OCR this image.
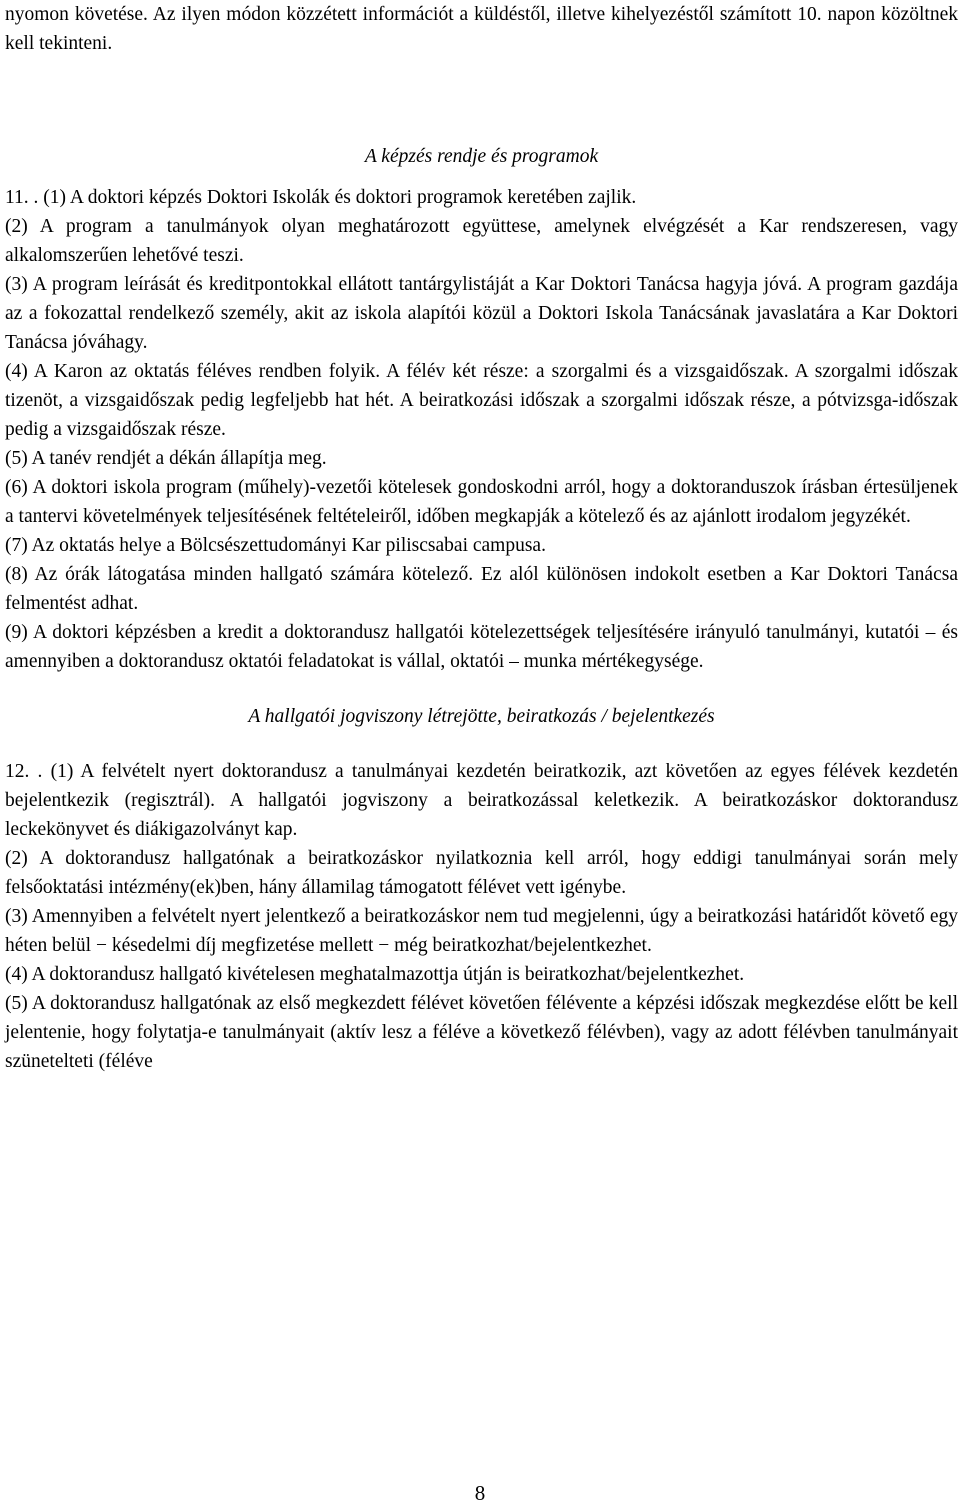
nyomon követése. Az ilyen módon közzétett információt a küldéstől, illetve kihelyezéstől számított 10. napon közöltnek kell tekinteni.

A képzés rendje és programok

11. . (1) A doktori képzés Doktori Iskolák és doktori programok keretében zajlik.

(2) A program a tanulmányok olyan meghatározott együttese, amelynek elvégzését a Kar rendszeresen, vagy alkalomszerűen lehetővé teszi.

(3) A program leírását és kreditpontokkal ellátott tantárgylistáját a Kar Doktori Tanácsa hagyja jóvá. A program gazdája az a fokozattal rendelkező személy, akit az iskola alapítói közül a Doktori Iskola Tanácsának javaslatára a Kar Doktori Tanácsa jóváhagy.

(4) A Karon az oktatás féléves rendben folyik. A félév két része: a szorgalmi és a vizsgaidőszak. A szorgalmi időszak tizenöt, a vizsgaidőszak pedig legfeljebb hat hét. A beiratkozási időszak a szorgalmi időszak része, a pótvizsga-időszak pedig a vizsgaidőszak része.

(5) A tanév rendjét a dékán állapítja meg.

(6) A doktori iskola program (műhely)-vezetői kötelesek gondoskodni arról, hogy a doktoranduszok írásban értesüljenek a tantervi követelmények teljesítésének feltételeiről, időben megkapják a kötelező és az ajánlott irodalom jegyzékét.

(7) Az oktatás helye a Bölcsészettudományi Kar piliscsabai campusa.

(8) Az órák látogatása minden hallgató számára kötelező. Ez alól különösen indokolt esetben a Kar Doktori Tanácsa felmentést adhat.

(9) A doktori képzésben a kredit a doktorandusz hallgatói kötelezettségek teljesítésére irányuló tanulmányi, kutatói – és amennyiben a doktorandusz oktatói feladatokat is vállal, oktatói – munka mértékegysége.

A hallgatói jogviszony létrejötte, beiratkozás / bejelentkezés

12. . (1) A felvételt nyert doktorandusz a tanulmányai kezdetén beiratkozik, azt követően az egyes félévek kezdetén bejelentkezik (regisztrál). A hallgatói jogviszony a beiratkozással keletkezik. A beiratkozáskor doktorandusz leckekönyvet és diákigazolványt kap.

(2) A doktorandusz hallgatónak a beiratkozáskor nyilatkoznia kell arról, hogy eddigi tanulmányai során mely felsőoktatási intézmény(ek)ben, hány államilag támogatott félévet vett igénybe.

(3) Amennyiben a felvételt nyert jelentkező a beiratkozáskor nem tud megjelenni, úgy a beiratkozási határidőt követő egy héten belül − késedelmi díj megfizetése mellett − még beiratkozhat/bejelentkezhet.

(4) A doktorandusz hallgató kivételesen meghatalmazottja útján is beiratkozhat/bejelentkezhet.

(5) A doktorandusz hallgatónak az első megkezdett félévet követően félévente a képzési időszak megkezdése előtt be kell jelentenie, hogy folytatja-e tanulmányait (aktív lesz a féléve a következő félévben), vagy az adott félévben tanulmányait szünetelteti (féléve

8
